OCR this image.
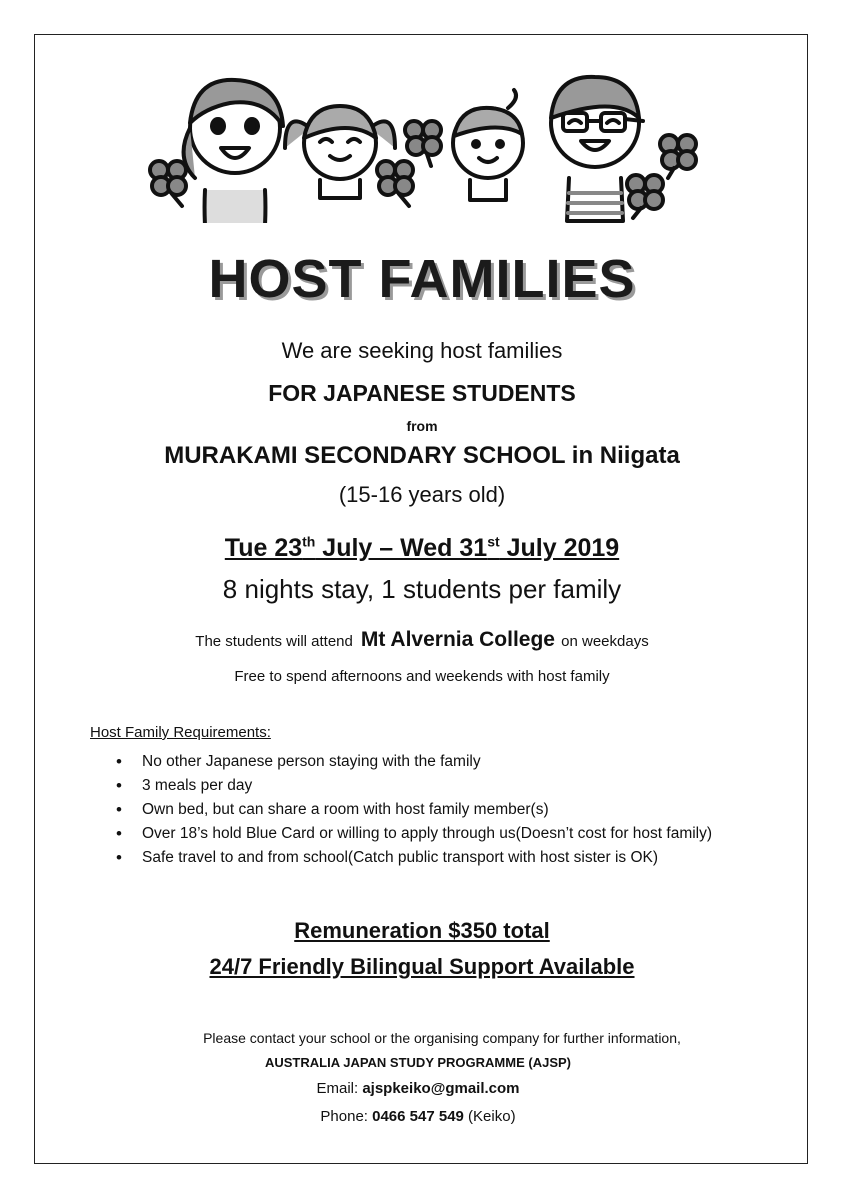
HOST FAMILIES
We are seeking host families
FOR JAPANESE STUDENTS
from
MURAKAMI SECONDARY SCHOOL in Niigata
(15-16 years old)
Tue 23th July – Wed 31st July 2019
8 nights stay, 1 students per family
The students will attend Mt Alvernia College on weekdays
Free to spend afternoons and weekends with host family
Host Family Requirements:
• No other Japanese person staying with the family
• 3 meals per day
• Own bed, but can share a room with host family member(s)
• Over 18’s hold Blue Card or willing to apply through us(Doesn’t cost for host family)
• Safe travel to and from school(Catch public transport with host sister is OK)
Remuneration $350 total
24/7 Friendly Bilingual Support Available
Please contact your school or the organising company for further information,
AUSTRALIA JAPAN STUDY PROGRAMME (AJSP)
Email: ajspkeiko@gmail.com
Phone: 0466 547 549 (Keiko)
